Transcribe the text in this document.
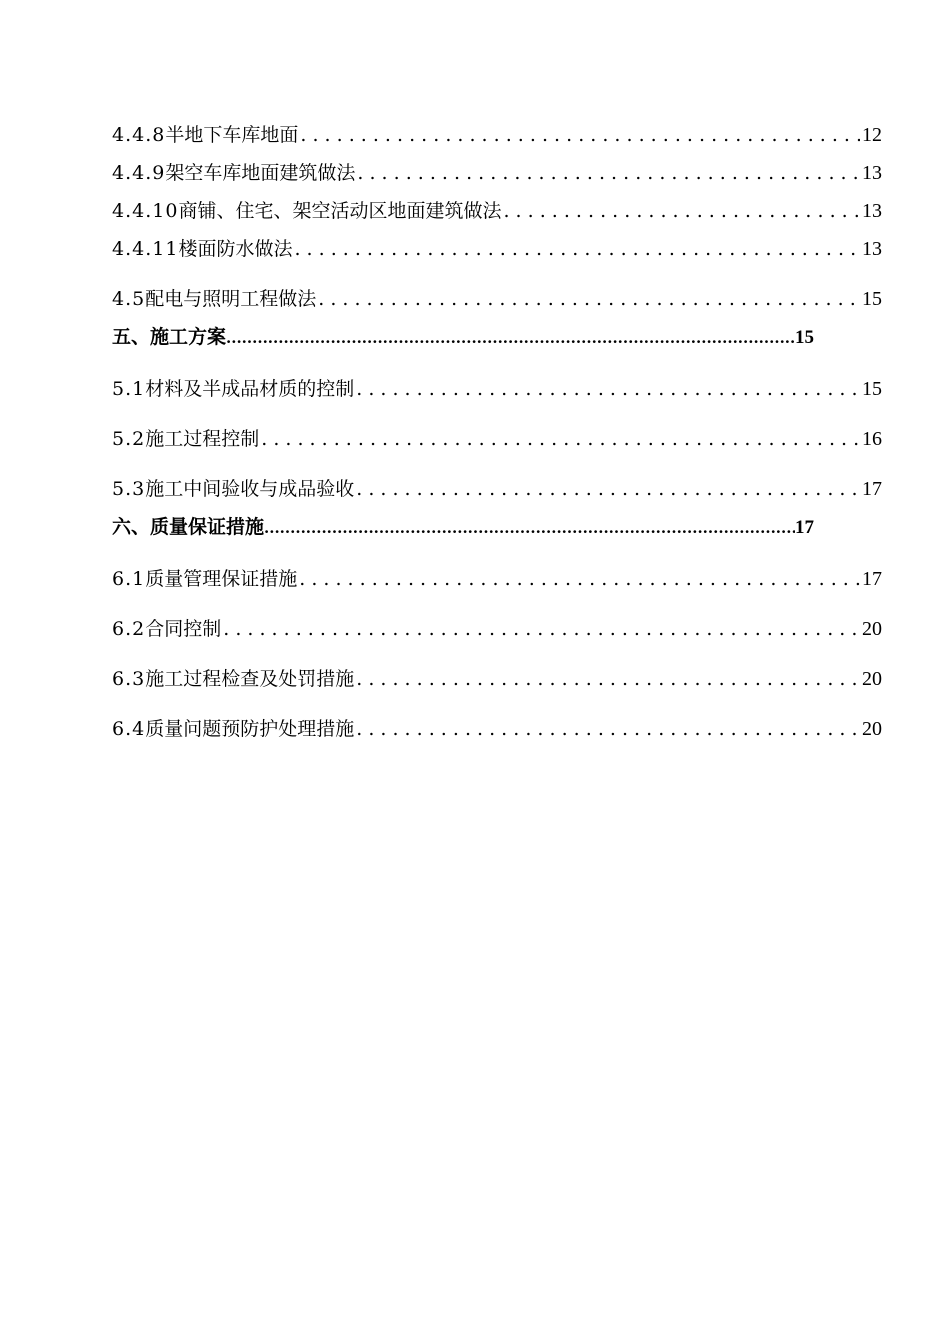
4.4.8 半地下车库地面 . . .	12
4.4.9 架空车库地面建筑做法 . . .	13
4.4.10 商铺、住宅、架空活动区地面建筑做法 . . .	13
4.4.11 楼面防水做法 . . .	13
4.5 配电与照明工程做法 . . .	15
五、施工方案 .....	15
5.1 材料及半成品材质的控制 . . .	15
5.2 施工过程控制 . . .	16
5.3 施工中间验收与成品验收 . . .	17
六、质量保证措施 .....	17
6.1 质量管理保证措施 . . .	17
6.2 合同控制 . . .	20
6.3 施工过程检查及处罚措施 . . .	20
6.4 质量问题预防护处理措施 . . .	20
